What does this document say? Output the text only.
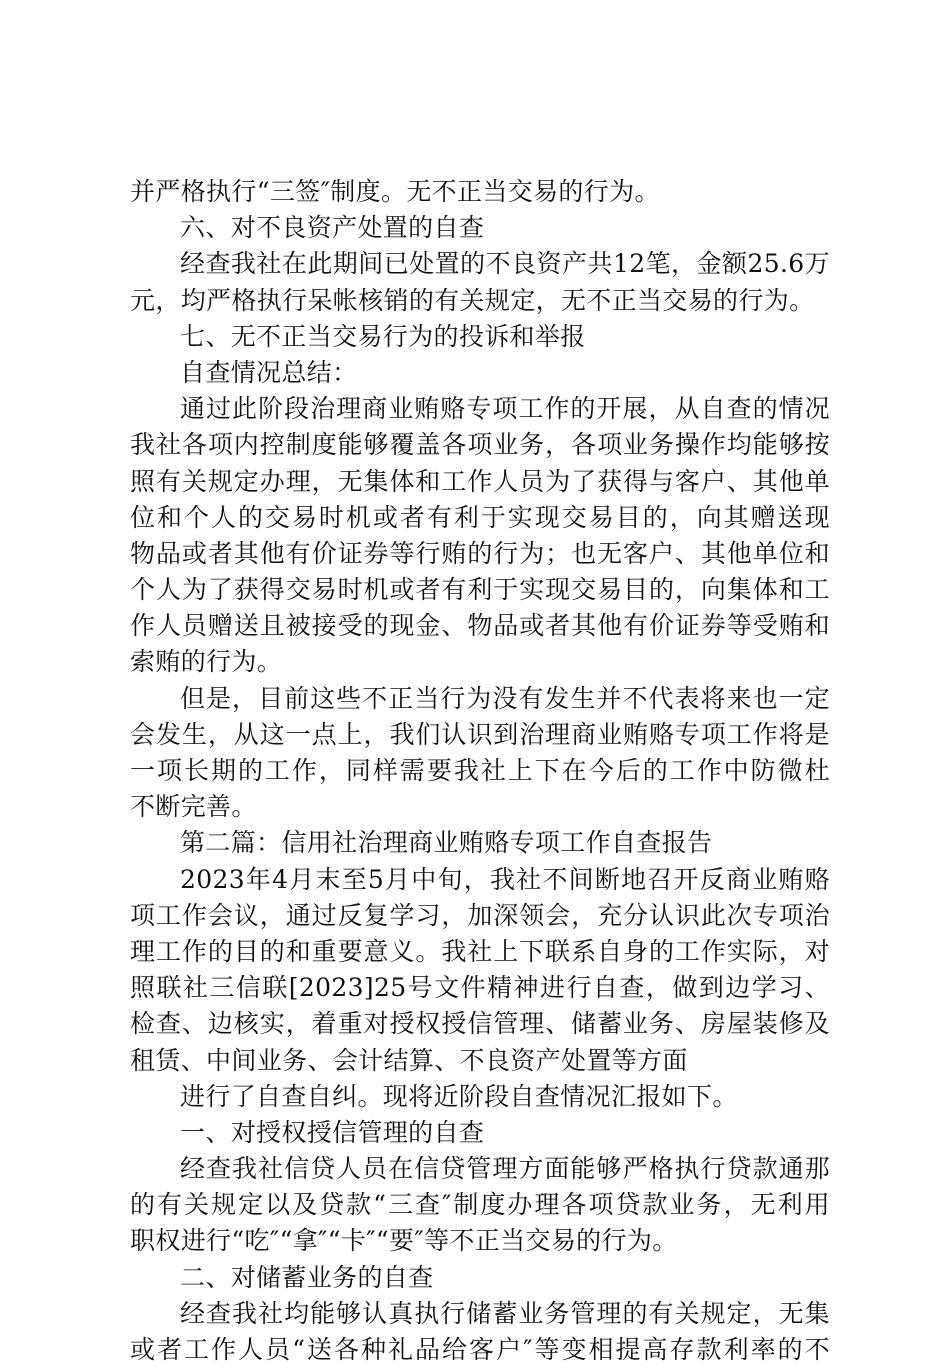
并严格执行“三签″制度。无不正当交易的行为。
六、对不良资产处置的自查
经查我社在此期间已处置的不良资产共12笔，金额25.6万
元，均严格执行呆帐核销的有关规定，无不正当交易的行为。
七、无不正当交易行为的投诉和举报
自查情况总结：
通过此阶段治理商业贿赂专项工作的开展，从自查的情况
我社各项内控制度能够覆盖各项业务，各项业务操作均能够按
照有关规定办理，无集体和工作人员为了获得与客户、其他单
位和个人的交易时机或者有利于实现交易目的，向其赠送现
物品或者其他有价证券等行贿的行为；也无客户、其他单位和
个人为了获得交易时机或者有利于实现交易目的，向集体和工
作人员赠送且被接受的现金、物品或者其他有价证券等受贿和
索贿的行为。
但是，目前这些不正当行为没有发生并不代表将来也一定
会发生，从这一点上，我们认识到治理商业贿赂专项工作将是
一项长期的工作，同样需要我社上下在今后的工作中防微杜
不断完善。
第二篇：信用社治理商业贿赂专项工作自查报告
2023年4月末至5月中旬，我社不间断地召开反商业贿赂
项工作会议，通过反复学习，加深领会，充分认识此次专项治
理工作的目的和重要意义。我社上下联系自身的工作实际，对
照联社三信联[2023]25号文件精神进行自查，做到边学习、
检查、边核实，着重对授权授信管理、储蓄业务、房屋装修及
租赁、中间业务、会计结算、不良资产处置等方面
进行了自查自纠。现将近阶段自查情况汇报如下。
一、对授权授信管理的自查
经查我社信贷人员在信贷管理方面能够严格执行贷款通那
的有关规定以及贷款“三查″制度办理各项贷款业务，无利用
职权进行“吃″“拿″“卡″“要″等不正当交易的行为。
二、对储蓄业务的自查
经查我社均能够认真执行储蓄业务管理的有关规定，无集
或者工作人员“送各种礼品给客户″等变相提高存款利率的不
